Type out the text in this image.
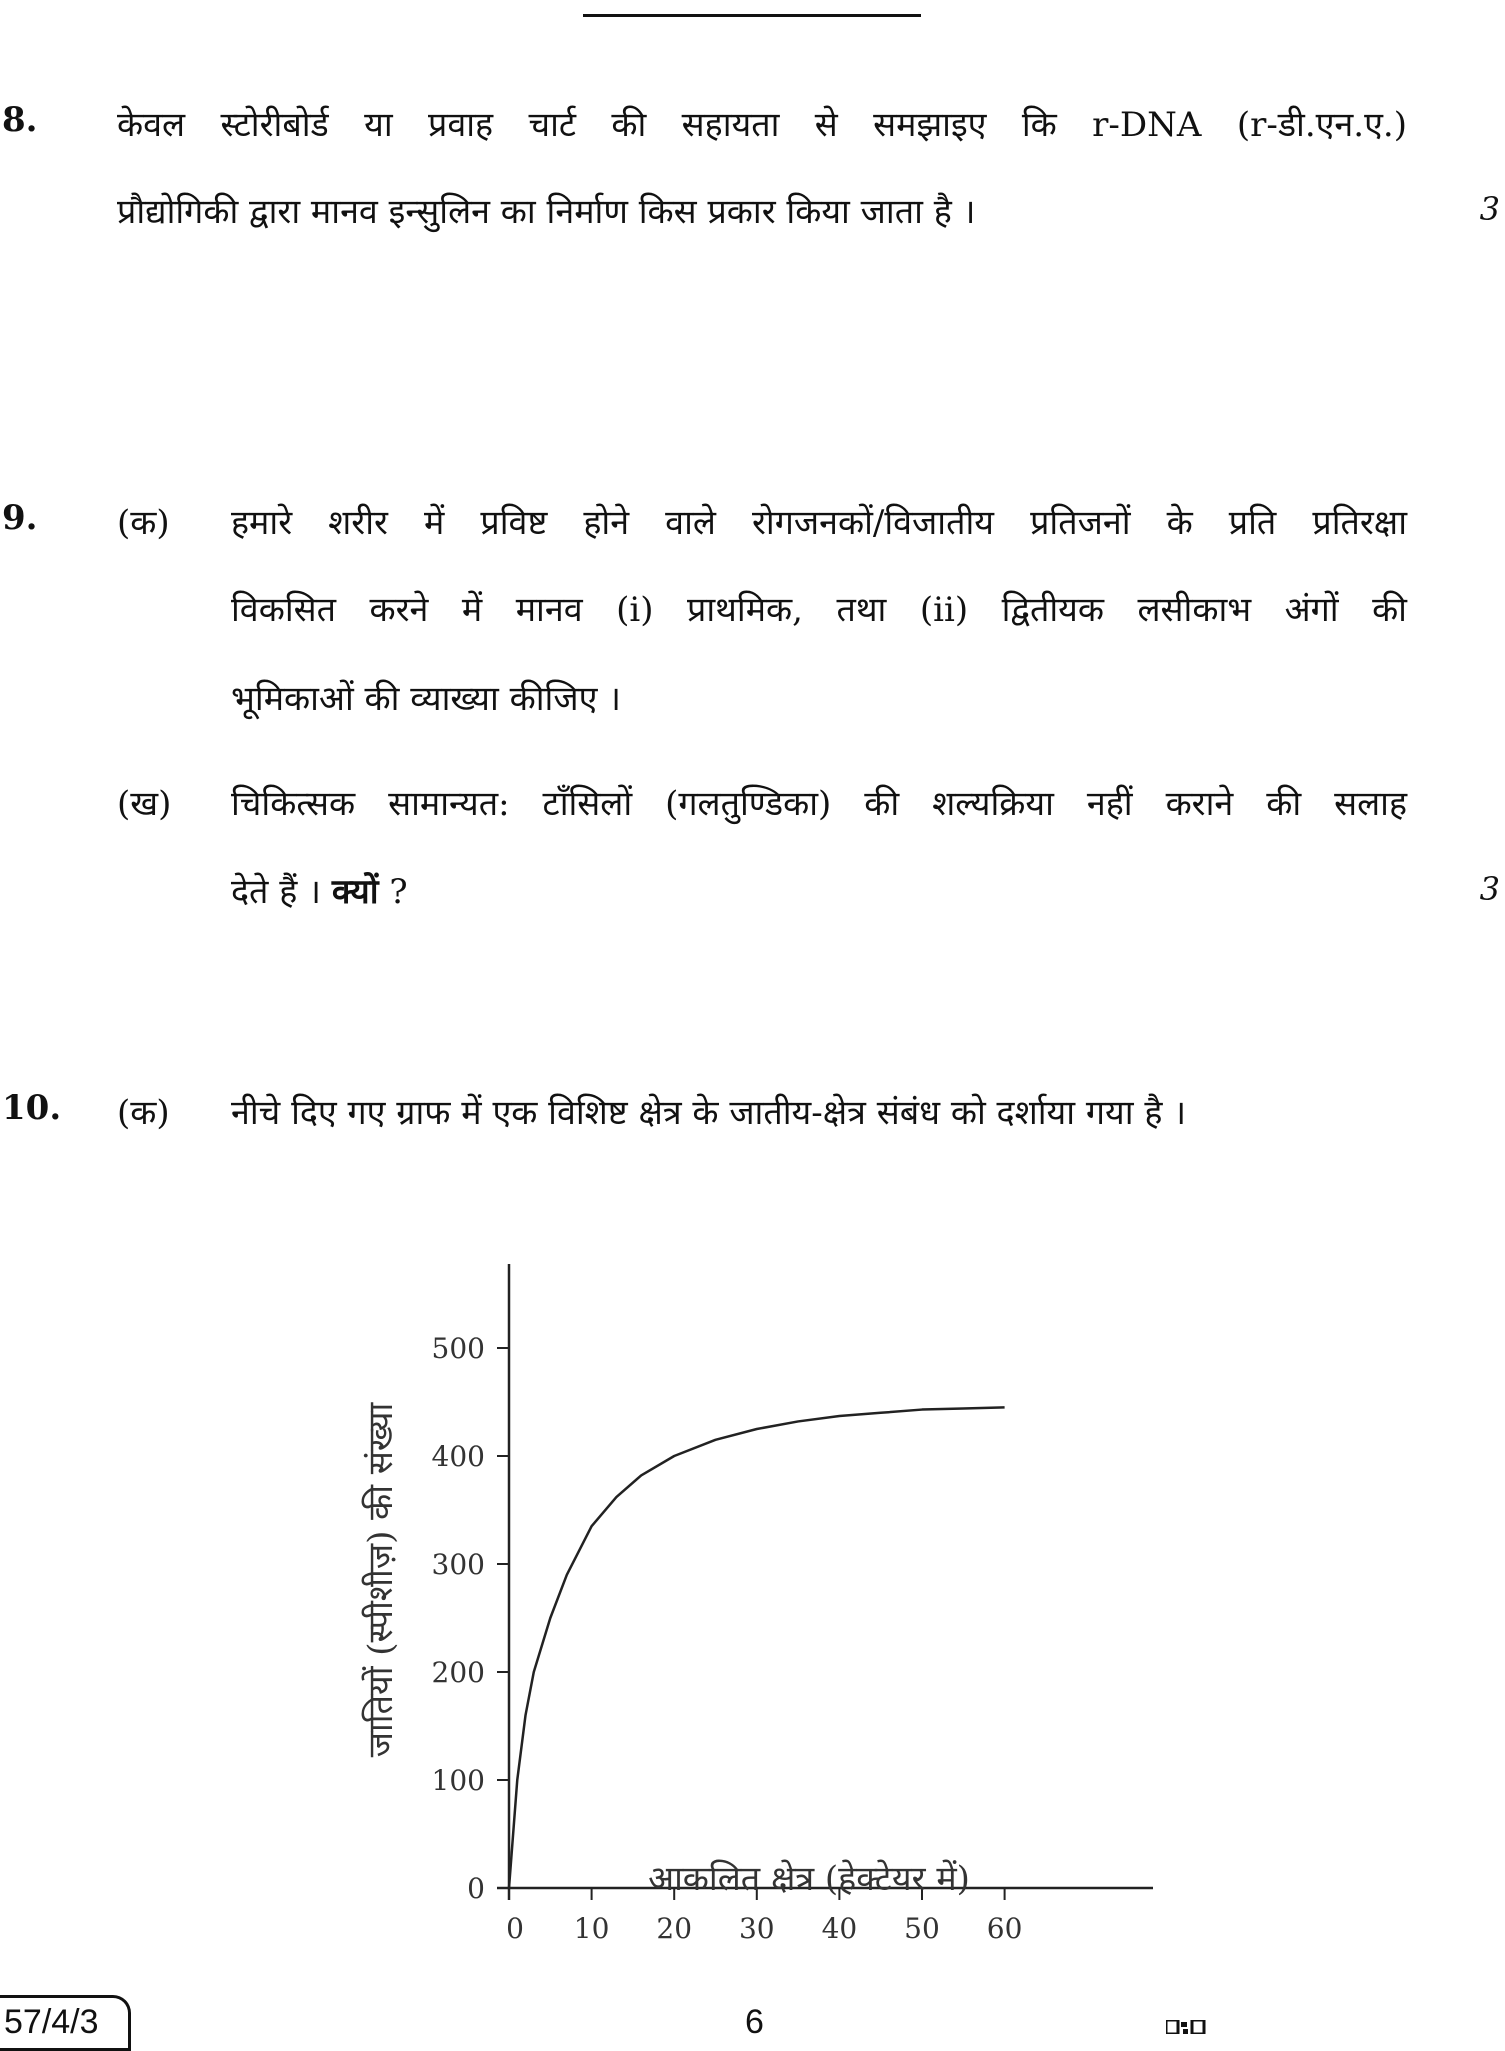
8. केवल स्टोरीबोर्ड या प्रवाह चार्ट की सहायता से समझाइए कि r-DNA (r-डी.एन.ए.)
प्रौद्योगिकी द्वारा मानव इन्सुलिन का निर्माण किस प्रकार किया जाता है ।	3
9. (क) हमारे शरीर में प्रविष्ट होने वाले रोगजनकों/विजातीय प्रतिजनों के प्रति प्रतिरक्षा
विकसित करने में मानव (i) प्राथमिक, तथा (ii) द्वितीयक लसीकाभ अंगों की
भूमिकाओं की व्याख्या कीजिए ।
(ख) चिकित्सक सामान्यत: टाँसिलों (गलतुण्डिका) की शल्यक्रिया नहीं कराने की सलाह
देते हैं । क्यों ?	3
10. (क) नीचे दिए गए ग्राफ में एक विशिष्ट क्षेत्र के जातीय-क्षेत्र संबंध को दर्शाया गया है ।
0
100
200
300
400
500
0 10 20 30 40 50 60
जातियों (स्पीशीज़) की संख्या
आकलित क्षेत्र (हेक्टेयर में)
57/4/3	6
